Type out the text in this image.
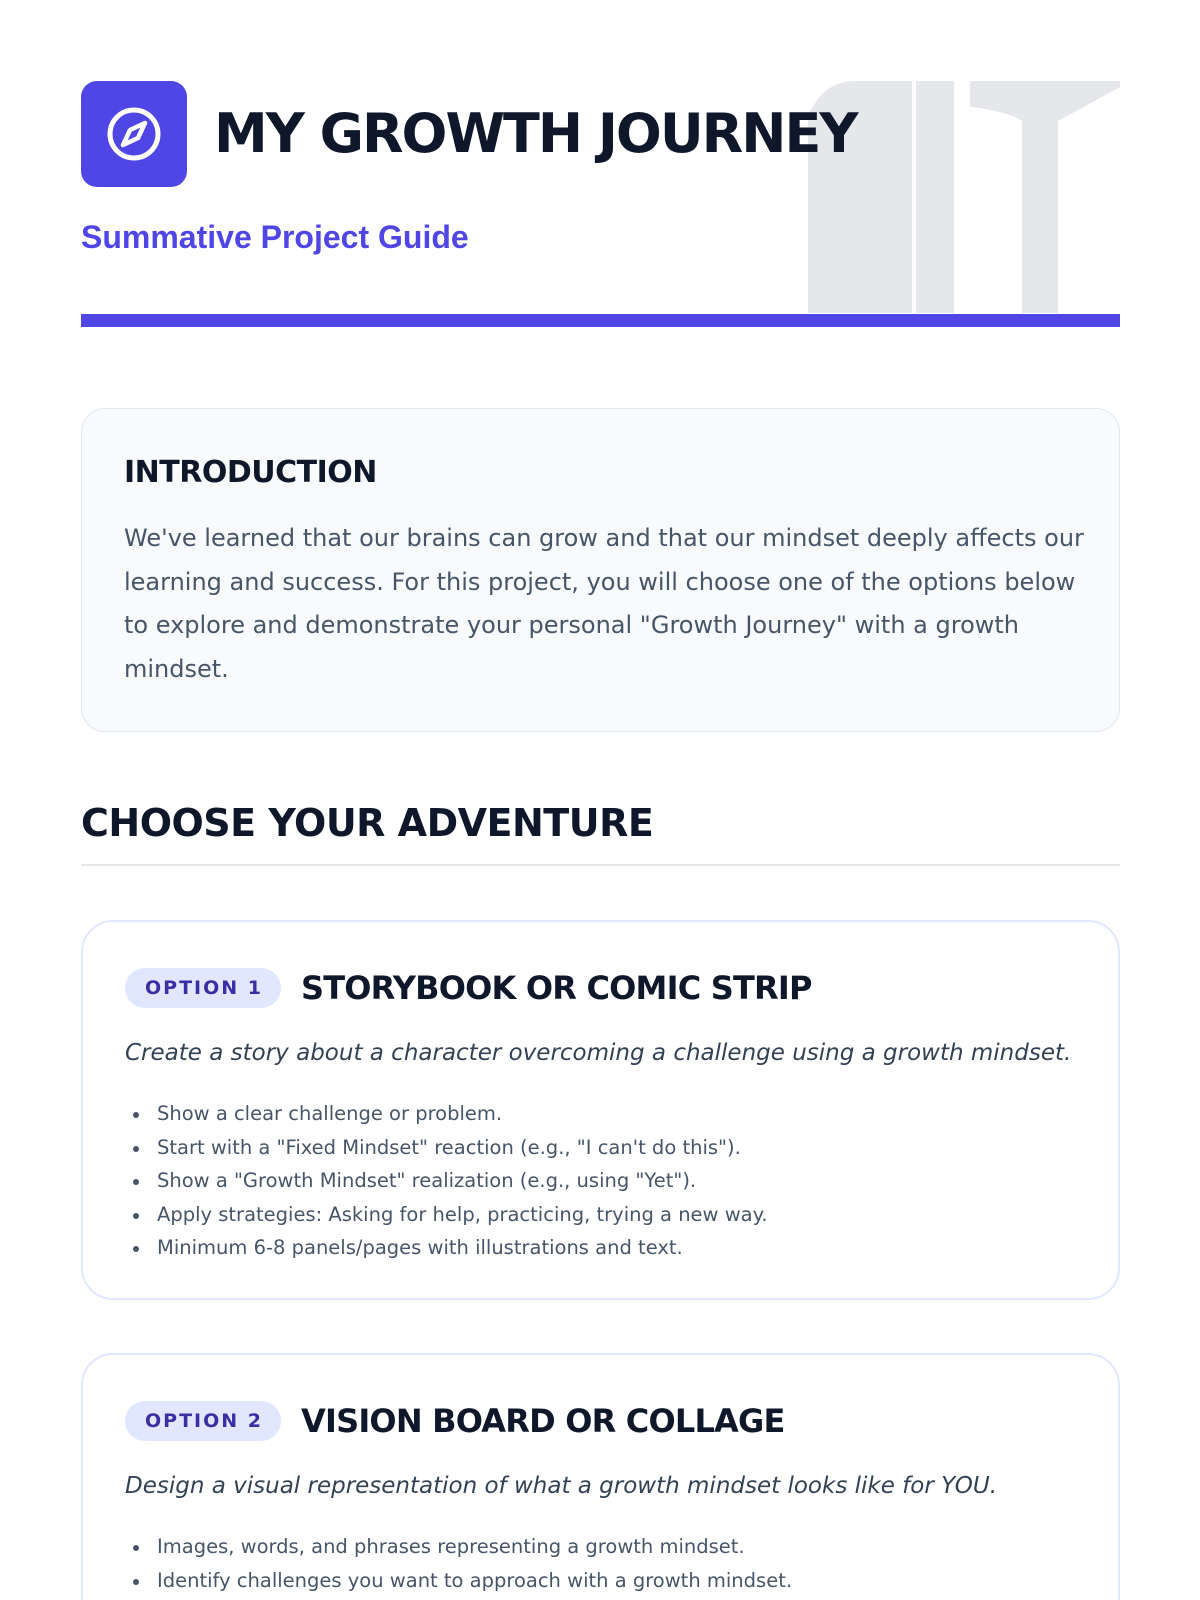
MY GROWTH JOURNEY
Summative Project Guide
INTRODUCTION

We've learned that our brains can grow and that our mindset deeply affects our learning and success. For this project, you will choose one of the options below to explore and demonstrate your personal "Growth Journey" with a growth mindset.

CHOOSE YOUR ADVENTURE
OPTION 1	STORYBOOK OR COMIC STRIP

Create a story about a character overcoming a challenge using a growth mindset.

Show a clear challenge or problem.
Start with a "Fixed Mindset" reaction (e.g., "I can't do this").
Show a "Growth Mindset" realization (e.g., using "Yet").
Apply strategies: Asking for help, practicing, trying a new way.
Minimum 6-8 panels/pages with illustrations and text.
OPTION 2	VISION BOARD OR COLLAGE

Design a visual representation of what a growth mindset looks like for YOU.

Images, words, and phrases representing a growth mindset.
Identify challenges you want to approach with a growth mindset.
